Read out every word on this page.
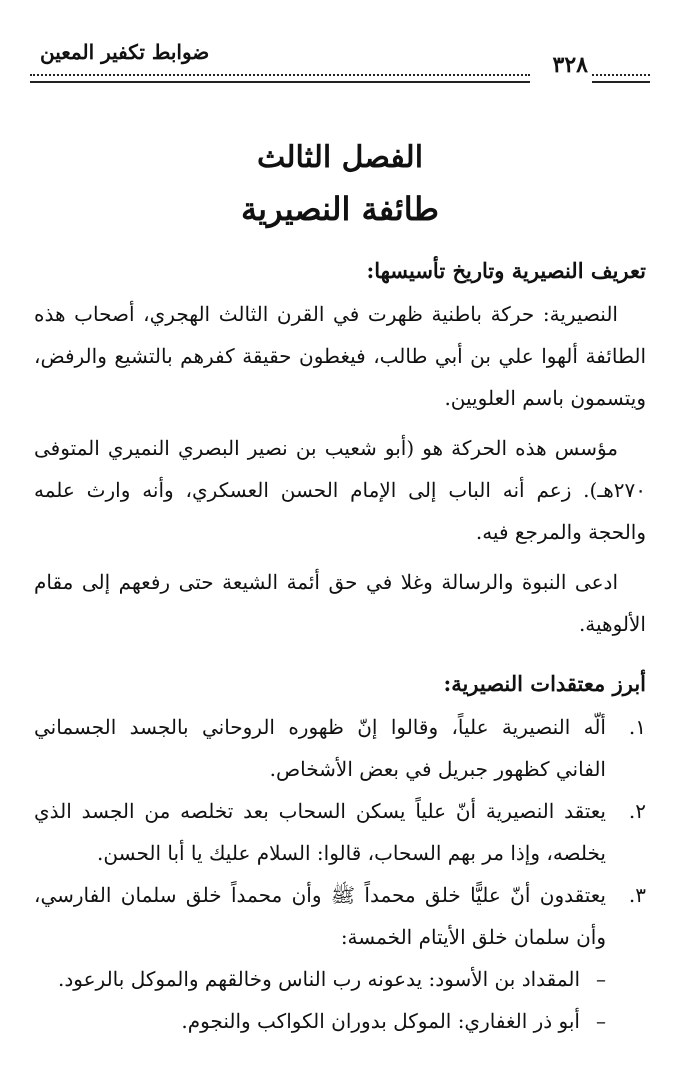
٣٢٨
ضوابط تكفير المعين
الفصل الثالث
طائفة النصيرية
تعريف النصيرية وتاريخ تأسيسها:

النصيرية: حركة باطنية ظهرت في القرن الثالث الهجري، أصحاب هذه الطائفة ألهوا علي بن أبي طالب، فيغطون حقيقة كفرهم بالتشيع والرفض، ويتسمون باسم العلويين.

مؤسس هذه الحركة هو (أبو شعيب بن نصير البصري النميري المتوفى ٢٧٠هـ). زعم أنه الباب إلى الإمام الحسن العسكري، وأنه وارث علمه والحجة والمرجع فيه.

ادعى النبوة والرسالة وغلا في حق أئمة الشيعة حتى رفعهم إلى مقام الألوهية.

أبرز معتقدات النصيرية:
١.
ألّه النصيرية علياً، وقالوا إنّ ظهوره الروحاني بالجسد الجسماني الفاني كظهور جبريل في بعض الأشخاص.
٢.
يعتقد النصيرية أنّ علياً يسكن السحاب بعد تخلصه من الجسد الذي يخلصه، وإذا مر بهم السحاب، قالوا: السلام عليك يا أبا الحسن.
٣.
يعتقدون أنّ عليًّا خلق محمداً ﷺ وأن محمداً خلق سلمان الفارسي، وأن سلمان خلق الأيتام الخمسة:
–
المقداد بن الأسود: يدعونه رب الناس وخالقهم والموكل بالرعود.
–
أبو ذر الغفاري: الموكل بدوران الكواكب والنجوم.
